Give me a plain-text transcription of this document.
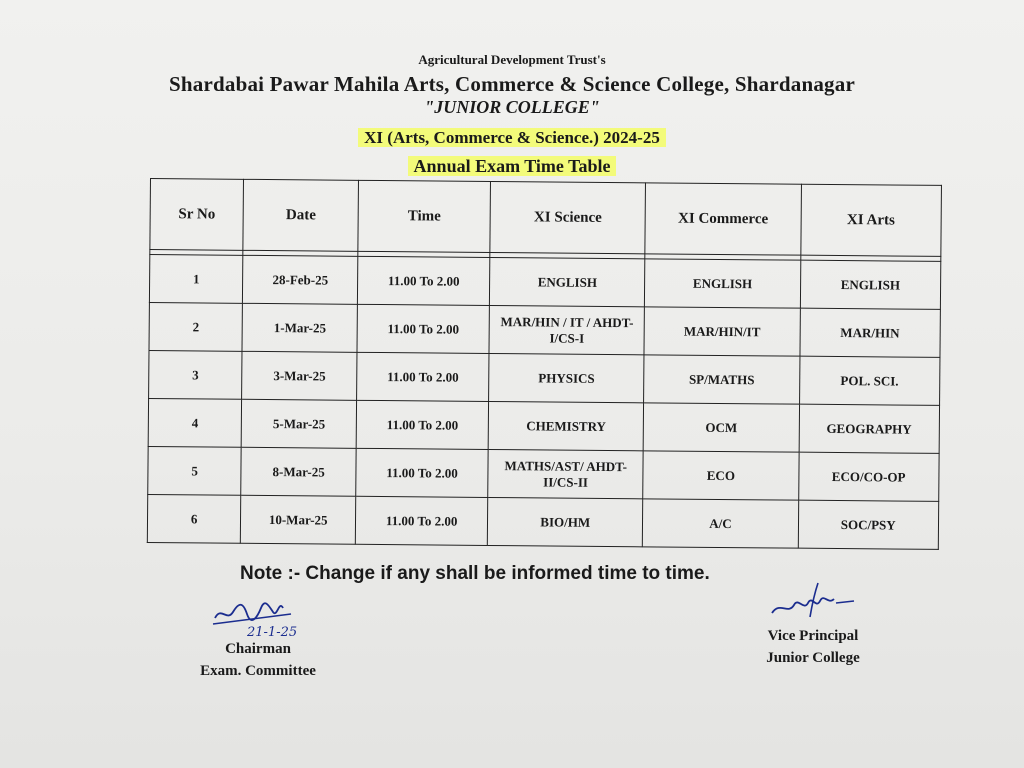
Agricultural Development Trust's
Shardabai Pawar Mahila Arts, Commerce & Science College, Shardanagar
"JUNIOR COLLEGE"
XI (Arts, Commerce & Science.) 2024-25
Annual Exam Time Table
Sr No	Date	Time	XI Science	XI Commerce	XI Arts

1	28-Feb-25	11.00 To 2.00	ENGLISH	ENGLISH	ENGLISH
2	1-Mar-25	11.00 To 2.00	MAR/HIN / IT / AHDT-I/CS-I	MAR/HIN/IT	MAR/HIN
3	3-Mar-25	11.00 To 2.00	PHYSICS	SP/MATHS	POL. SCI.
4	5-Mar-25	11.00 To 2.00	CHEMISTRY	OCM	GEOGRAPHY
5	8-Mar-25	11.00 To 2.00	MATHS/AST/ AHDT-II/CS-II	ECO	ECO/CO-OP
6	10-Mar-25	11.00 To 2.00	BIO/HM	A/C	SOC/PSY
Note :- Change if any shall be informed time to time.
21-1-25
Chairman
Exam. Committee
Vice Principal
Junior College
